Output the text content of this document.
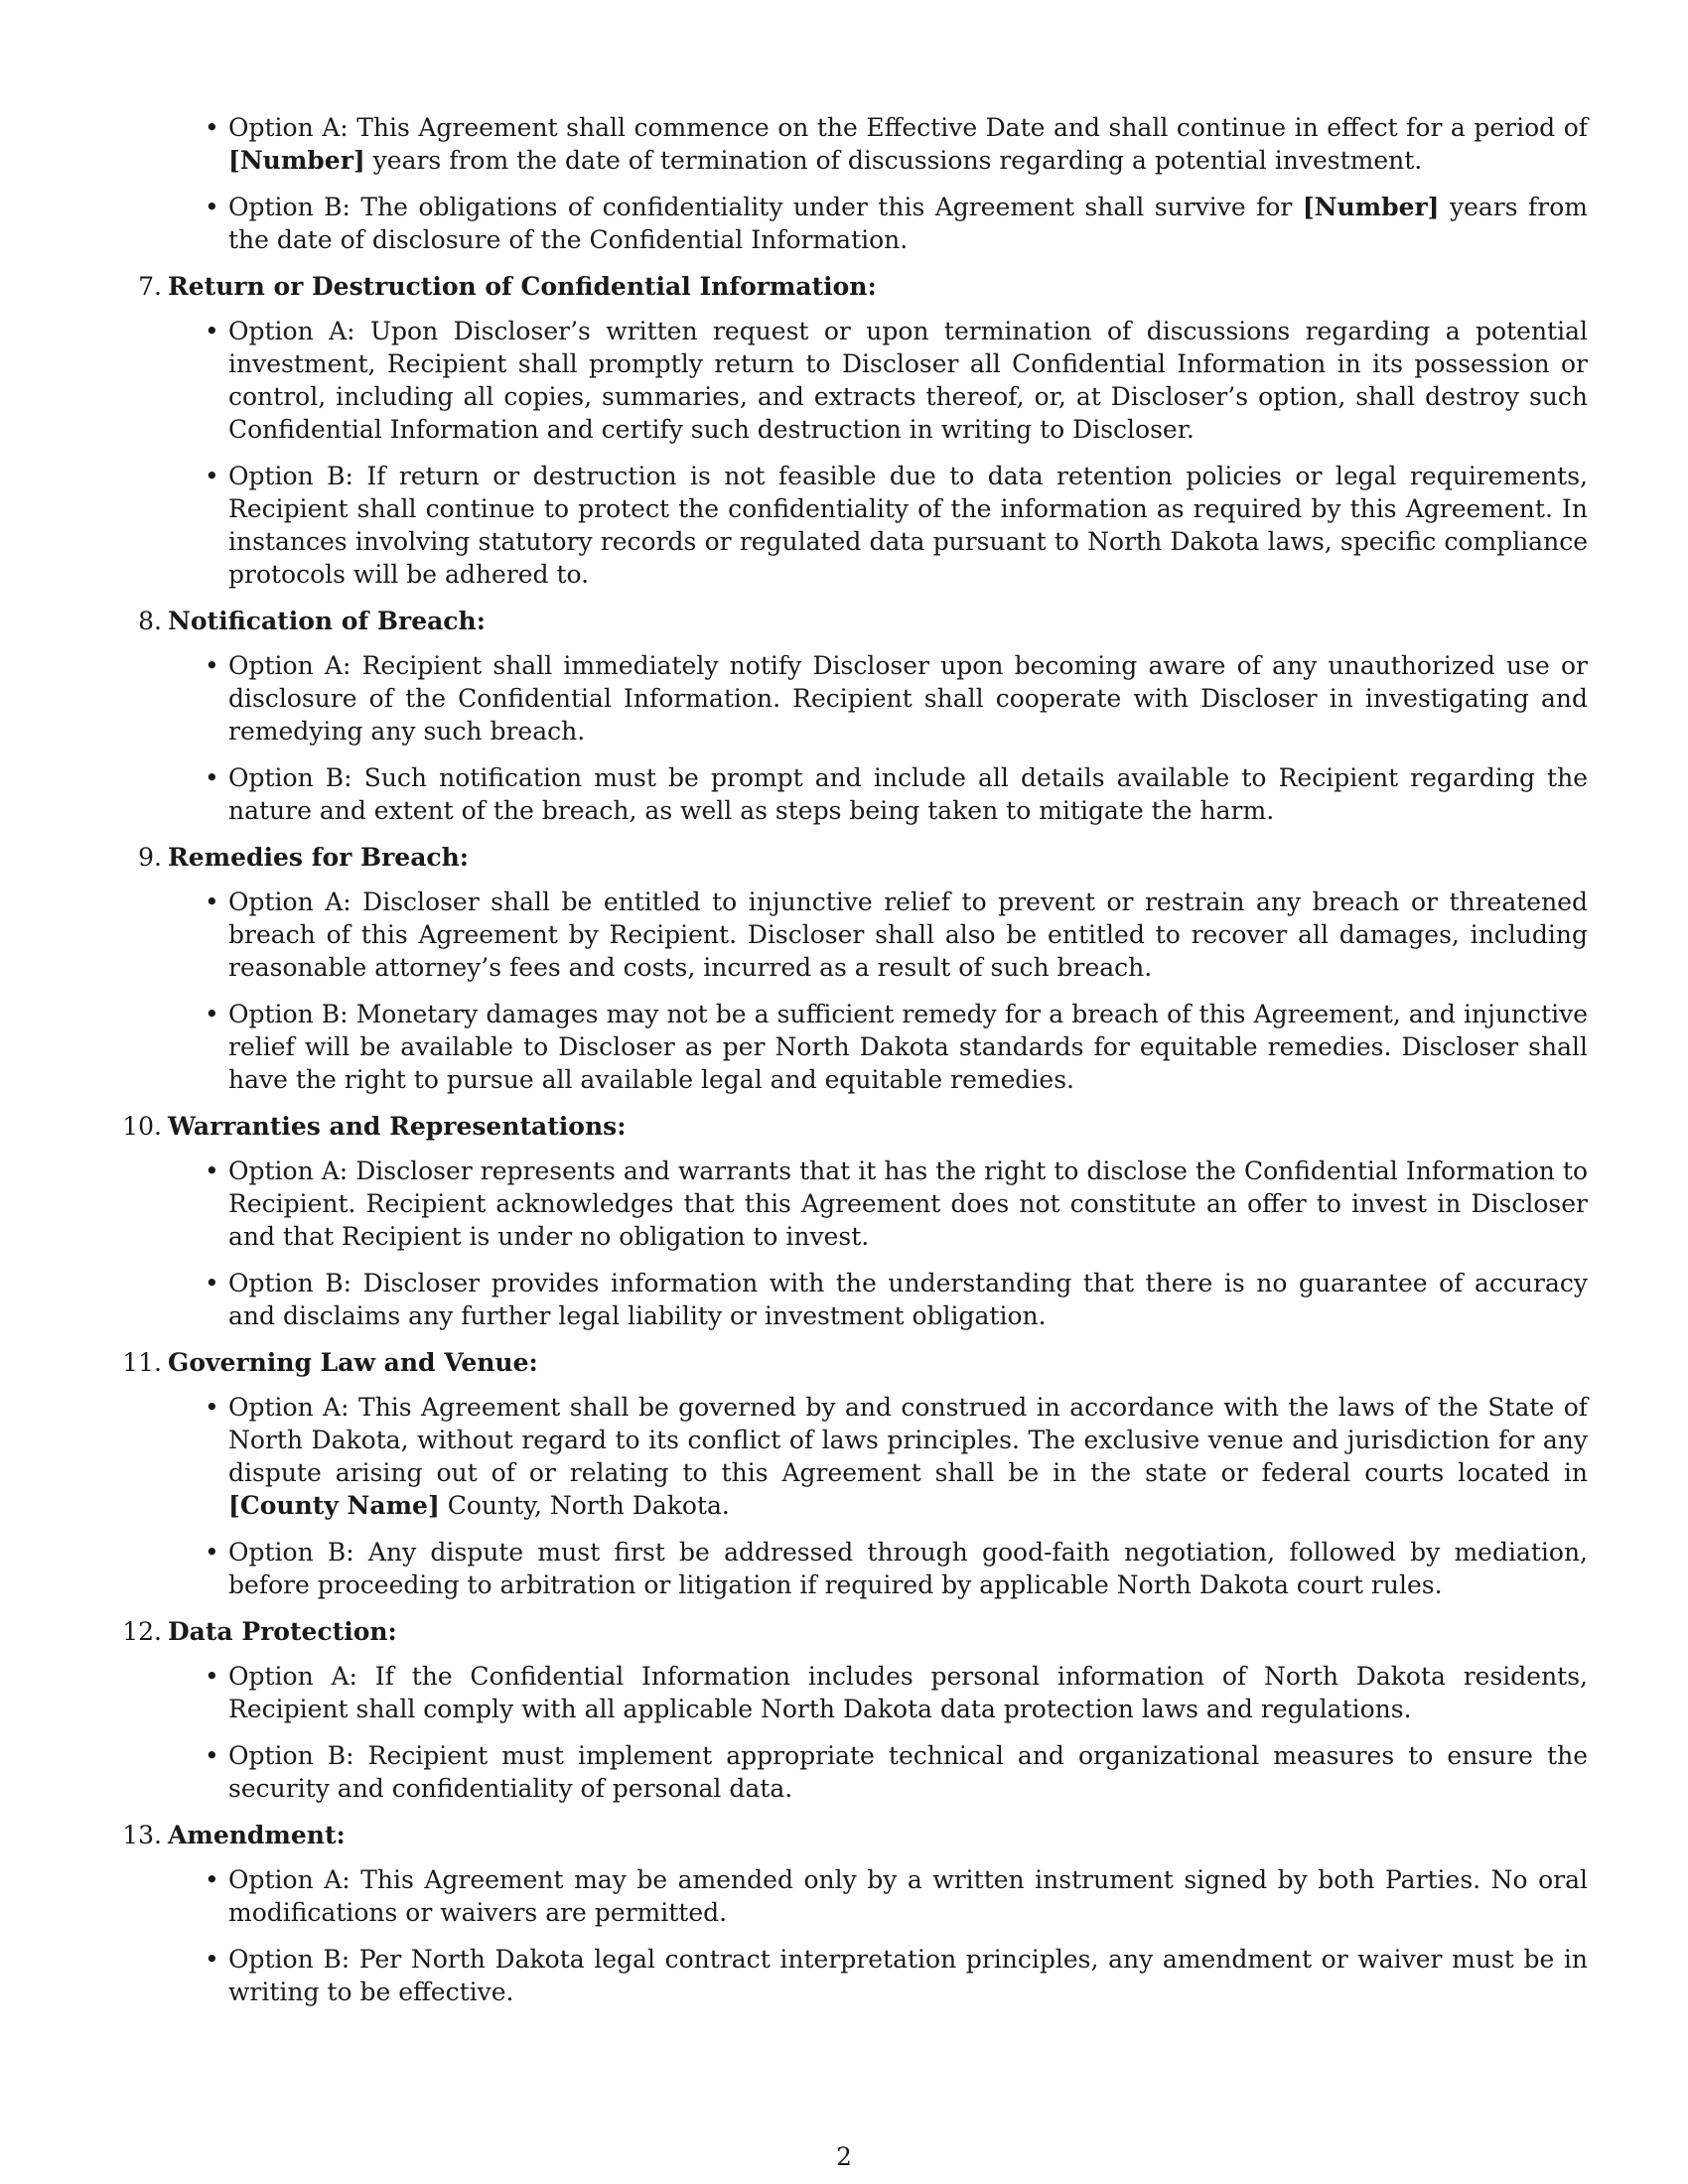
• Option A: This Agreement shall commence on the Effective Date and shall continue in effect for a period of [Number] years from the date of termination of discussions regarding a potential investment.
• Option B: The obligations of confidentiality under this Agreement shall survive for [Number] years from the date of disclosure of the Confidential Information.
7. Return or Destruction of Confidential Information:
• Option A: Upon Discloser’s written request or upon termination of discussions regarding a potential investment, Recipient shall promptly return to Discloser all Confidential Information in its possession or control, including all copies, summaries, and extracts thereof, or, at Discloser’s option, shall destroy such Confidential Information and certify such destruction in writing to Discloser.
• Option B: If return or destruction is not feasible due to data retention policies or legal requirements, Recipient shall continue to protect the confidentiality of the information as required by this Agreement. In instances involving statutory records or regulated data pursuant to North Dakota laws, specific compliance protocols will be adhered to.
8. Notification of Breach:
• Option A: Recipient shall immediately notify Discloser upon becoming aware of any unauthorized use or disclosure of the Confidential Information. Recipient shall cooperate with Discloser in investigating and remedying any such breach.
• Option B: Such notification must be prompt and include all details available to Recipient regarding the nature and extent of the breach, as well as steps being taken to mitigate the harm.
9. Remedies for Breach:
• Option A: Discloser shall be entitled to injunctive relief to prevent or restrain any breach or threatened breach of this Agreement by Recipient. Discloser shall also be entitled to recover all damages, including reasonable attorney’s fees and costs, incurred as a result of such breach.
• Option B: Monetary damages may not be a sufficient remedy for a breach of this Agreement, and injunctive relief will be available to Discloser as per North Dakota standards for equitable remedies. Discloser shall have the right to pursue all available legal and equitable remedies.
10. Warranties and Representations:
• Option A: Discloser represents and warrants that it has the right to disclose the Confidential Information to Recipient. Recipient acknowledges that this Agreement does not constitute an offer to invest in Discloser and that Recipient is under no obligation to invest.
• Option B: Discloser provides information with the understanding that there is no guarantee of accuracy and disclaims any further legal liability or investment obligation.
11. Governing Law and Venue:
• Option A: This Agreement shall be governed by and construed in accordance with the laws of the State of North Dakota, without regard to its conflict of laws principles. The exclusive venue and jurisdiction for any dispute arising out of or relating to this Agreement shall be in the state or federal courts located in [County Name] County, North Dakota.
• Option B: Any dispute must first be addressed through good-faith negotiation, followed by mediation, before proceeding to arbitration or litigation if required by applicable North Dakota court rules.
12. Data Protection:
• Option A: If the Confidential Information includes personal information of North Dakota residents, Recipient shall comply with all applicable North Dakota data protection laws and regulations.
• Option B: Recipient must implement appropriate technical and organizational measures to ensure the security and confidentiality of personal data.
13. Amendment:
• Option A: This Agreement may be amended only by a written instrument signed by both Parties. No oral modifications or waivers are permitted.
• Option B: Per North Dakota legal contract interpretation principles, any amendment or waiver must be in writing to be effective.
2
